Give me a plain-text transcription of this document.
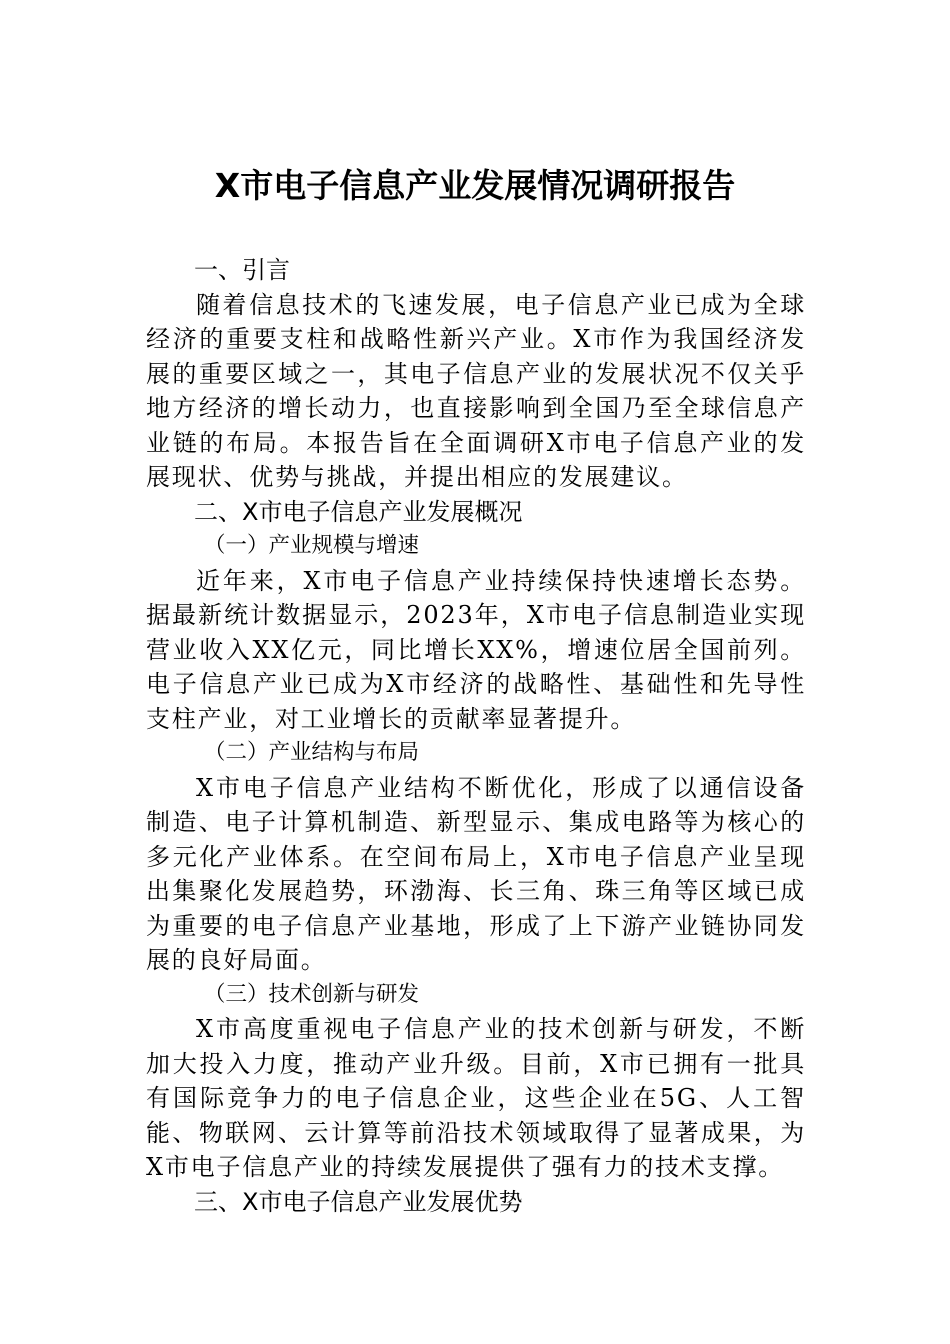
X市电子信息产业发展情况调研报告
一、引言

随着信息技术的飞速发展，电子信息产业已成为全球经济的重要支柱和战略性新兴产业。X市作为我国经济发展的重要区域之一，其电子信息产业的发展状况不仅关乎地方经济的增长动力，也直接影响到全国乃至全球信息产业链的布局。本报告旨在全面调研X市电子信息产业的发展现状、优势与挑战，并提出相应的发展建议。

二、X市电子信息产业发展概况
（一）产业规模与增速

近年来，X市电子信息产业持续保持快速增长态势。据最新统计数据显示，2023年，X市电子信息制造业实现营业收入XX亿元，同比增长XX%，增速位居全国前列。电子信息产业已成为X市经济的战略性、基础性和先导性支柱产业，对工业增长的贡献率显著提升。

（二）产业结构与布局

X市电子信息产业结构不断优化，形成了以通信设备制造、电子计算机制造、新型显示、集成电路等为核心的多元化产业体系。在空间布局上，X市电子信息产业呈现出集聚化发展趋势，环渤海、长三角、珠三角等区域已成为重要的电子信息产业基地，形成了上下游产业链协同发展的良好局面。

（三）技术创新与研发

X市高度重视电子信息产业的技术创新与研发，不断加大投入力度，推动产业升级。目前，X市已拥有一批具有国际竞争力的电子信息企业，这些企业在5G、人工智能、物联网、云计算等前沿技术领域取得了显著成果，为X市电子信息产业的持续发展提供了强有力的技术支撑。

三、X市电子信息产业发展优势
